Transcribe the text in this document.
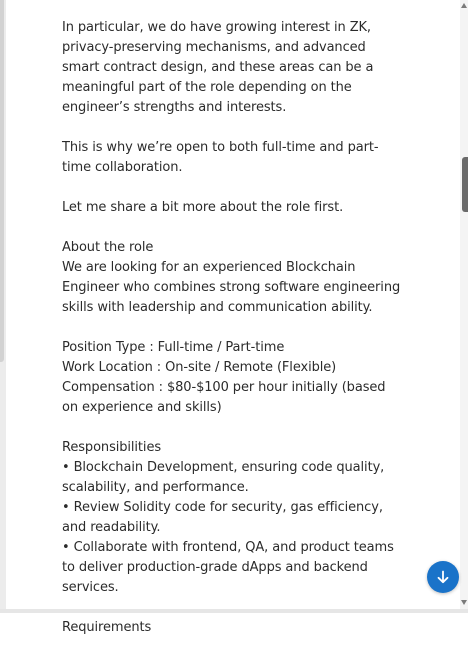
In particular, we do have growing interest in ZK, privacy-preserving mechanisms, and advanced smart contract design, and these areas can be a meaningful part of the role depending on the engineer’s strengths and interests.

This is why we’re open to both full-time and part-time collaboration.

Let me share a bit more about the role first.

About the role
We are looking for an experienced Blockchain Engineer who combines strong software engineering skills with leadership and communication ability.
Position Type : Full-time / Part-time
Work Location : On-site / Remote (Flexible)
Compensation : $80-$100 per hour initially (based on experience and skills)
Responsibilities
• Blockchain Development, ensuring code quality, scalability, and performance.
• Review Solidity code for security, gas efficiency, and readability.
• Collaborate with frontend, QA, and product teams to deliver production-grade dApps and backend services.
Requirements
